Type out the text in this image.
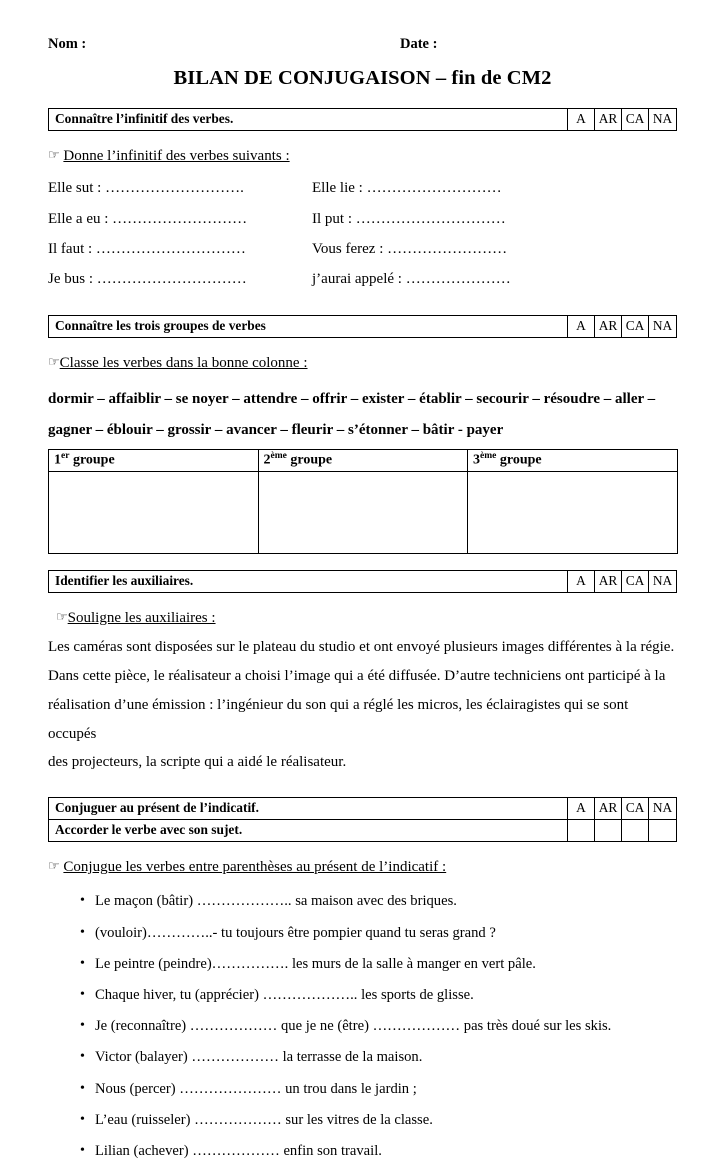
Nom :	Date :
BILAN DE CONJUGAISON – fin de CM2
Connaître l’infinitif des verbes.	A AR CA NA
☞ Donne l’infinitif des verbes suivants :
Elle sut : ……………………….	Elle lie : ………………………
Elle a eu : ………………………	Il put : …………………………
Il faut : …………………………	Vous ferez : ……………………
Je bus : …………………………	j’aurai appelé : …………………
Connaître les trois groupes de verbes	A AR CA NA
☞Classe les verbes dans la bonne colonne :
dormir – affaiblir – se noyer – attendre – offrir – exister – établir – secourir – résoudre – aller –
gagner – éblouir – grossir – avancer – fleurir – s’étonner – bâtir - payer
1er groupe	2ème groupe	3ème groupe

Identifier les auxiliaires.	A AR CA NA
☞Souligne les auxiliaires :
Les caméras sont disposées sur le plateau du studio et ont envoyé plusieurs images différentes à la régie.
Dans cette pièce, le réalisateur a choisi l’image qui a été diffusée. D’autre techniciens ont participé à la
réalisation d’une émission : l’ingénieur du son qui a réglé les micros, les éclairagistes qui se sont occupés
des projecteurs, la scripte qui a aidé le réalisateur.
Conjuguer au présent de l’indicatif.	A AR CA NA
Accorder le verbe avec son sujet.
☞ Conjugue les verbes entre parenthèses au présent de l’indicatif :
• Le maçon (bâtir) ……………….. sa maison avec des briques.
• (vouloir)…………..- tu toujours être pompier quand tu seras grand ?
• Le peintre (peindre)……………. les murs de la salle à manger en vert pâle.
• Chaque hiver, tu (apprécier) ……………….. les sports de glisse.
• Je (reconnaître) ……………… que je ne (être) ……………… pas très doué sur les skis.
• Victor (balayer) ……………… la terrasse de la maison.
• Nous (percer) ………………… un trou dans le jardin ;
• L’eau (ruisseler) ……………… sur les vitres de la classe.
• Lilian (achever) ……………… enfin son travail.
